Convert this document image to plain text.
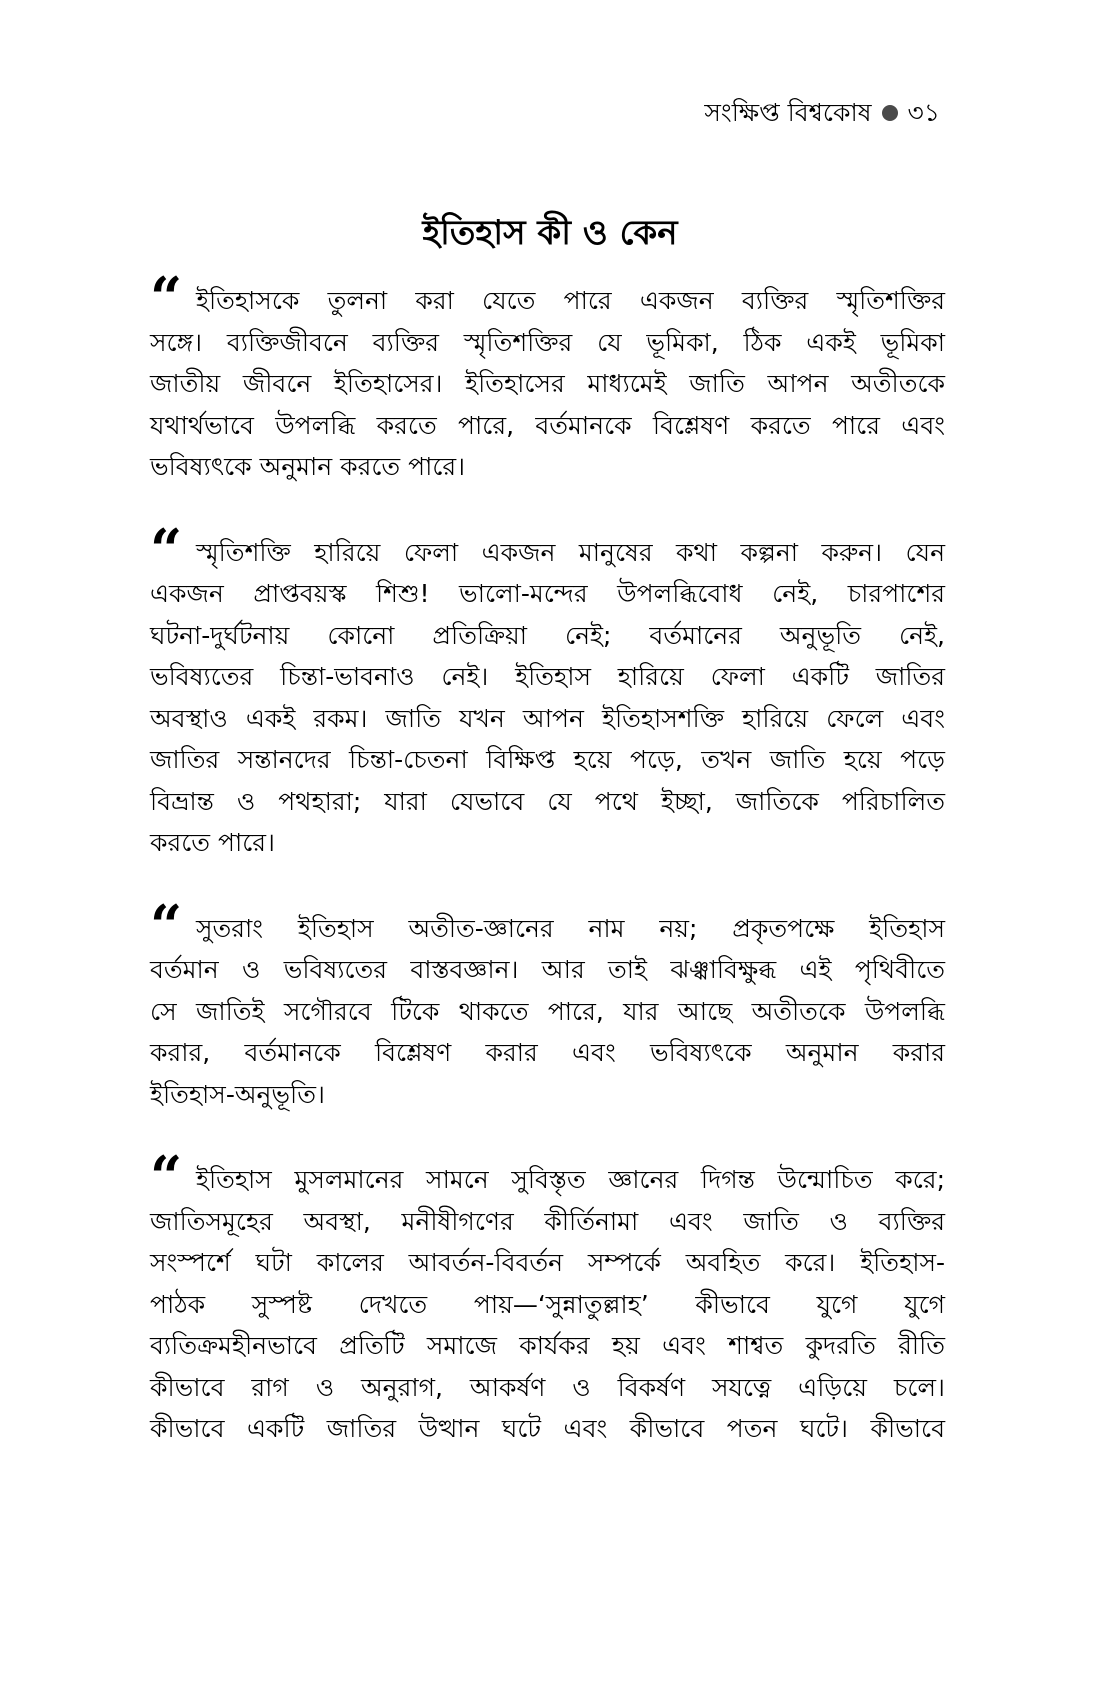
সংক্ষিপ্ত বিশ্বকোষ ৩১
ইতিহাস কী ও কেন
“ ইতিহাসকে তুলনা করা যেতে পারে একজন ব্যক্তির স্মৃতিশক্তির
সঙ্গে। ব্যক্তিজীবনে ব্যক্তির স্মৃতিশক্তির যে ভূমিকা, ঠিক একই ভূমিকা
জাতীয় জীবনে ইতিহাসের। ইতিহাসের মাধ্যমেই জাতি আপন অতীতকে
যথার্থভাবে উপলব্ধি করতে পারে, বর্তমানকে বিশ্লেষণ করতে পারে এবং
ভবিষ্যৎকে অনুমান করতে পারে।
“ স্মৃতিশক্তি হারিয়ে ফেলা একজন মানুষের কথা কল্পনা করুন। যেন
একজন প্রাপ্তবয়স্ক শিশু! ভালো-মন্দের উপলব্ধিবোধ নেই, চারপাশের
ঘটনা-দুর্ঘটনায় কোনো প্রতিক্রিয়া নেই; বর্তমানের অনুভূতি নেই,
ভবিষ্যতের চিন্তা-ভাবনাও নেই। ইতিহাস হারিয়ে ফেলা একটি জাতির
অবস্থাও একই রকম। জাতি যখন আপন ইতিহাসশক্তি হারিয়ে ফেলে এবং
জাতির সন্তানদের চিন্তা-চেতনা বিক্ষিপ্ত হয়ে পড়ে, তখন জাতি হয়ে পড়ে
বিভ্রান্ত ও পথহারা; যারা যেভাবে যে পথে ইচ্ছা, জাতিকে পরিচালিত
করতে পারে।
“ সুতরাং ইতিহাস অতীত-জ্ঞানের নাম নয়; প্রকৃতপক্ষে ইতিহাস
বর্তমান ও ভবিষ্যতের বাস্তবজ্ঞান। আর তাই ঝঞ্ঝাবিক্ষুব্ধ এই পৃথিবীতে
সে জাতিই সগৌরবে টিকে থাকতে পারে, যার আছে অতীতকে উপলব্ধি
করার, বর্তমানকে বিশ্লেষণ করার এবং ভবিষ্যৎকে অনুমান করার
ইতিহাস-অনুভূতি।
“ ইতিহাস মুসলমানের সামনে সুবিস্তৃত জ্ঞানের দিগন্ত উন্মোচিত করে;
জাতিসমূহের অবস্থা, মনীষীগণের কীর্তিনামা এবং জাতি ও ব্যক্তির
সংস্পর্শে ঘটা কালের আবর্তন-বিবর্তন সম্পর্কে অবহিত করে। ইতিহাস-
পাঠক সুস্পষ্ট দেখতে পায়—‘সুন্নাতুল্লাহ’ কীভাবে যুগে যুগে
ব্যতিক্রমহীনভাবে প্রতিটি সমাজে কার্যকর হয় এবং শাশ্বত কুদরতি রীতি
কীভাবে রাগ ও অনুরাগ, আকর্ষণ ও বিকর্ষণ সযত্নে এড়িয়ে চলে।
কীভাবে একটি জাতির উত্থান ঘটে এবং কীভাবে পতন ঘটে। কীভাবে
